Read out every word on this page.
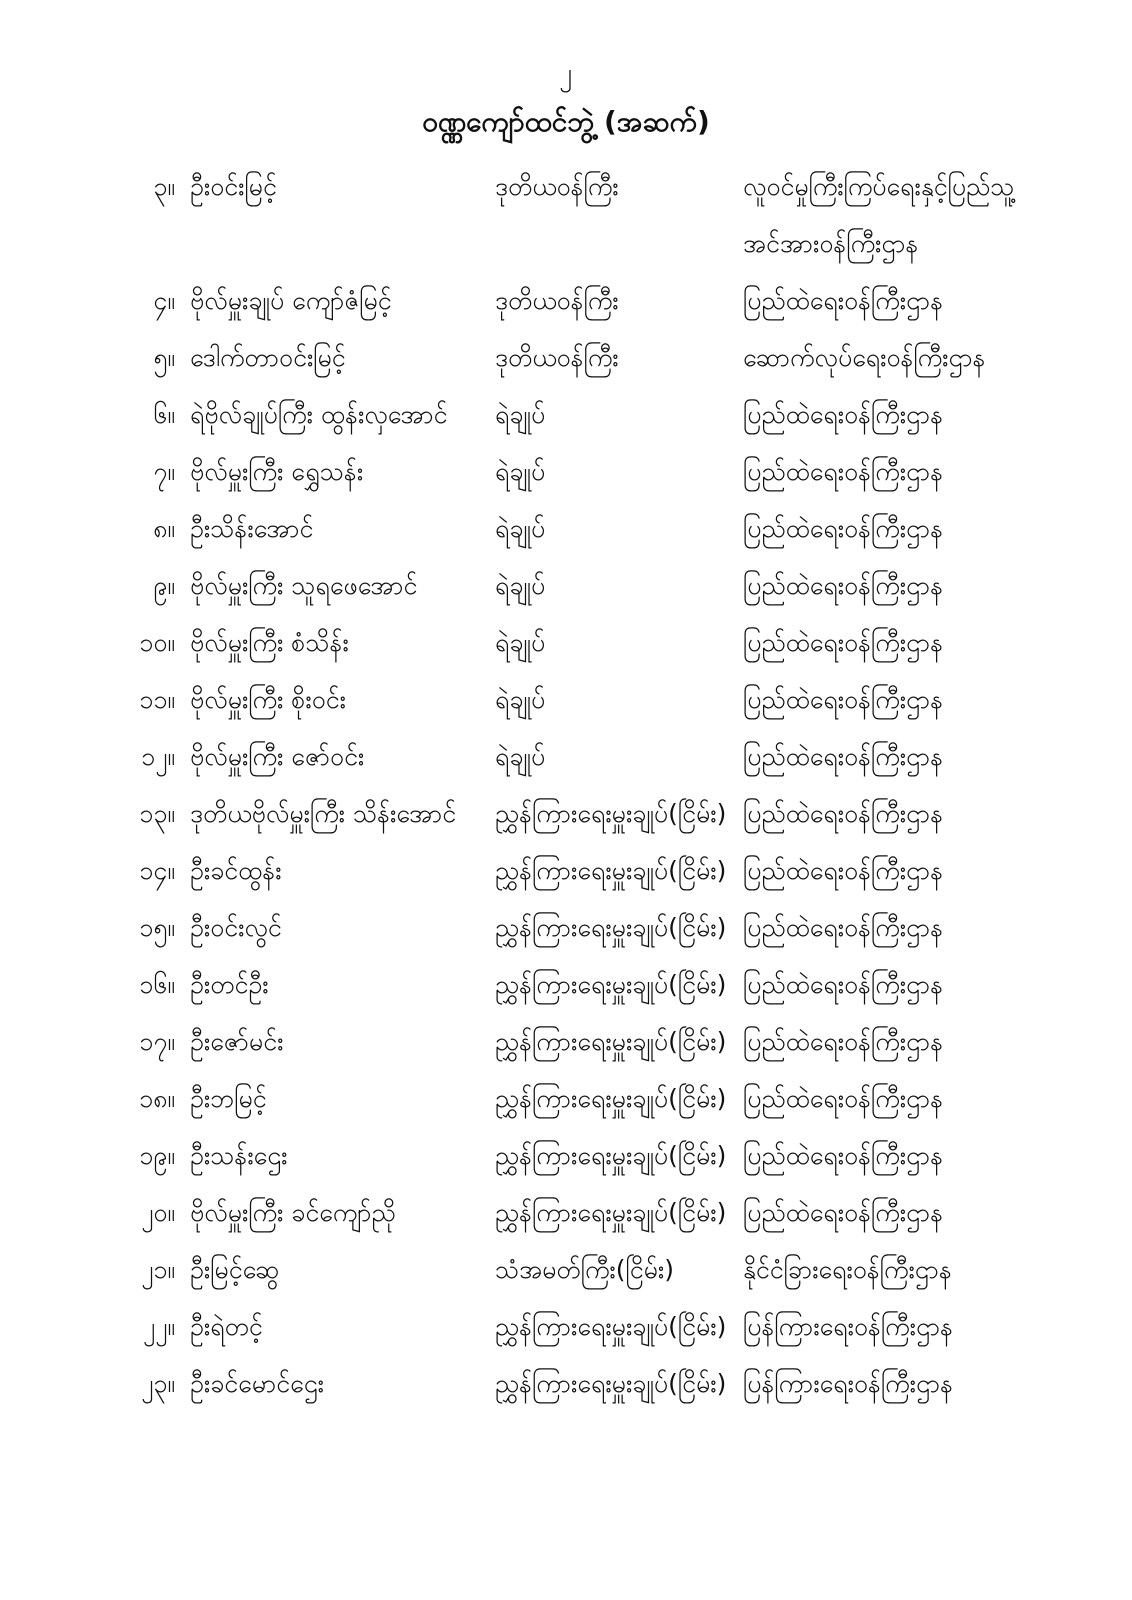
၂
ဝဏ္ဏကျော်ထင်ဘွဲ့ (အဆက်)
၃။ ဦးဝင်းမြင့်	ဒုတိယဝန်ကြီး	လူဝင်မှုကြီးကြပ်ရေးနှင့်ပြည်သူ့
အင်အားဝန်ကြီးဌာန
၄။ ဗိုလ်မှူးချုပ် ကျော်ဇံမြင့်	ဒုတိယဝန်ကြီး	ပြည်ထဲရေးဝန်ကြီးဌာန
၅။ ဒေါက်တာဝင်းမြင့်	ဒုတိယဝန်ကြီး	ဆောက်လုပ်ရေးဝန်ကြီးဌာန
၆။ ရဲဗိုလ်ချုပ်ကြီး ထွန်းလှအောင်	ရဲချုပ်	ပြည်ထဲရေးဝန်ကြီးဌာန
၇။ ဗိုလ်မှူးကြီး ရွှေသန်း	ရဲချုပ်	ပြည်ထဲရေးဝန်ကြီးဌာန
၈။ ဦးသိန်းအောင်	ရဲချုပ်	ပြည်ထဲရေးဝန်ကြီးဌာန
၉။ ဗိုလ်မှူးကြီး သူရဖေအောင်	ရဲချုပ်	ပြည်ထဲရေးဝန်ကြီးဌာန
၁၀။ ဗိုလ်မှူးကြီး စံသိန်း	ရဲချုပ်	ပြည်ထဲရေးဝန်ကြီးဌာန
၁၁။ ဗိုလ်မှူးကြီး စိုးဝင်း	ရဲချုပ်	ပြည်ထဲရေးဝန်ကြီးဌာန
၁၂။ ဗိုလ်မှူးကြီး ဇော်ဝင်း	ရဲချုပ်	ပြည်ထဲရေးဝန်ကြီးဌာန
၁၃။ ဒုတိယဗိုလ်မှူးကြီး သိန်းအောင်	ညွှန်ကြားရေးမှူးချုပ်(ငြိမ်း) ပြည်ထဲရေးဝန်ကြီးဌာန
၁၄။ ဦးခင်ထွန်း	ညွှန်ကြားရေးမှူးချုပ်(ငြိမ်း) ပြည်ထဲရေးဝန်ကြီးဌာန
၁၅။ ဦးဝင်းလွင်	ညွှန်ကြားရေးမှူးချုပ်(ငြိမ်း) ပြည်ထဲရေးဝန်ကြီးဌာန
၁၆။ ဦးတင်ဦး	ညွှန်ကြားရေးမှူးချုပ်(ငြိမ်း) ပြည်ထဲရေးဝန်ကြီးဌာန
၁၇။ ဦးဇော်မင်း	ညွှန်ကြားရေးမှူးချုပ်(ငြိမ်း) ပြည်ထဲရေးဝန်ကြီးဌာန
၁၈။ ဦးဘမြင့်	ညွှန်ကြားရေးမှူးချုပ်(ငြိမ်း) ပြည်ထဲရေးဝန်ကြီးဌာန
၁၉။ ဦးသန်းဌေး	ညွှန်ကြားရေးမှူးချုပ်(ငြိမ်း) ပြည်ထဲရေးဝန်ကြီးဌာန
၂၀။ ဗိုလ်မှူးကြီး ခင်ကျော်ညို	ညွှန်ကြားရေးမှူးချုပ်(ငြိမ်း) ပြည်ထဲရေးဝန်ကြီးဌာန
၂၁။ ဦးမြင့်ဆွေ	သံအမတ်ကြီး(ငြိမ်း)	နိုင်ငံခြားရေးဝန်ကြီးဌာန
၂၂။ ဦးရဲတင့်	ညွှန်ကြားရေးမှူးချုပ်(ငြိမ်း) ပြန်ကြားရေးဝန်ကြီးဌာန
၂၃။ ဦးခင်မောင်ဌေး	ညွှန်ကြားရေးမှူးချုပ်(ငြိမ်း) ပြန်ကြားရေးဝန်ကြီးဌာန
